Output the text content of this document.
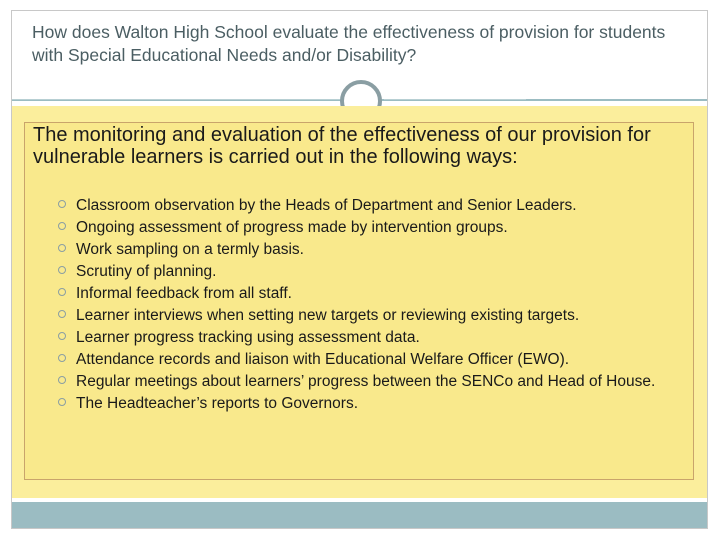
How does Walton High School evaluate the effectiveness of provision for students with Special Educational Needs and/or Disability?

The monitoring and evaluation of the effectiveness of our provision for vulnerable learners is carried out in the following ways:

Classroom observation by the Heads of Department and Senior Leaders.
Ongoing assessment of progress made by intervention groups.
Work sampling on a termly basis.
Scrutiny of planning.
Informal feedback from all staff.
Learner interviews when setting new targets or reviewing existing targets.
Learner progress tracking using assessment data.
Attendance records and liaison with Educational Welfare Officer (EWO).
Regular meetings about learners’ progress between the SENCo and Head of House.
The Headteacher’s reports to Governors.
